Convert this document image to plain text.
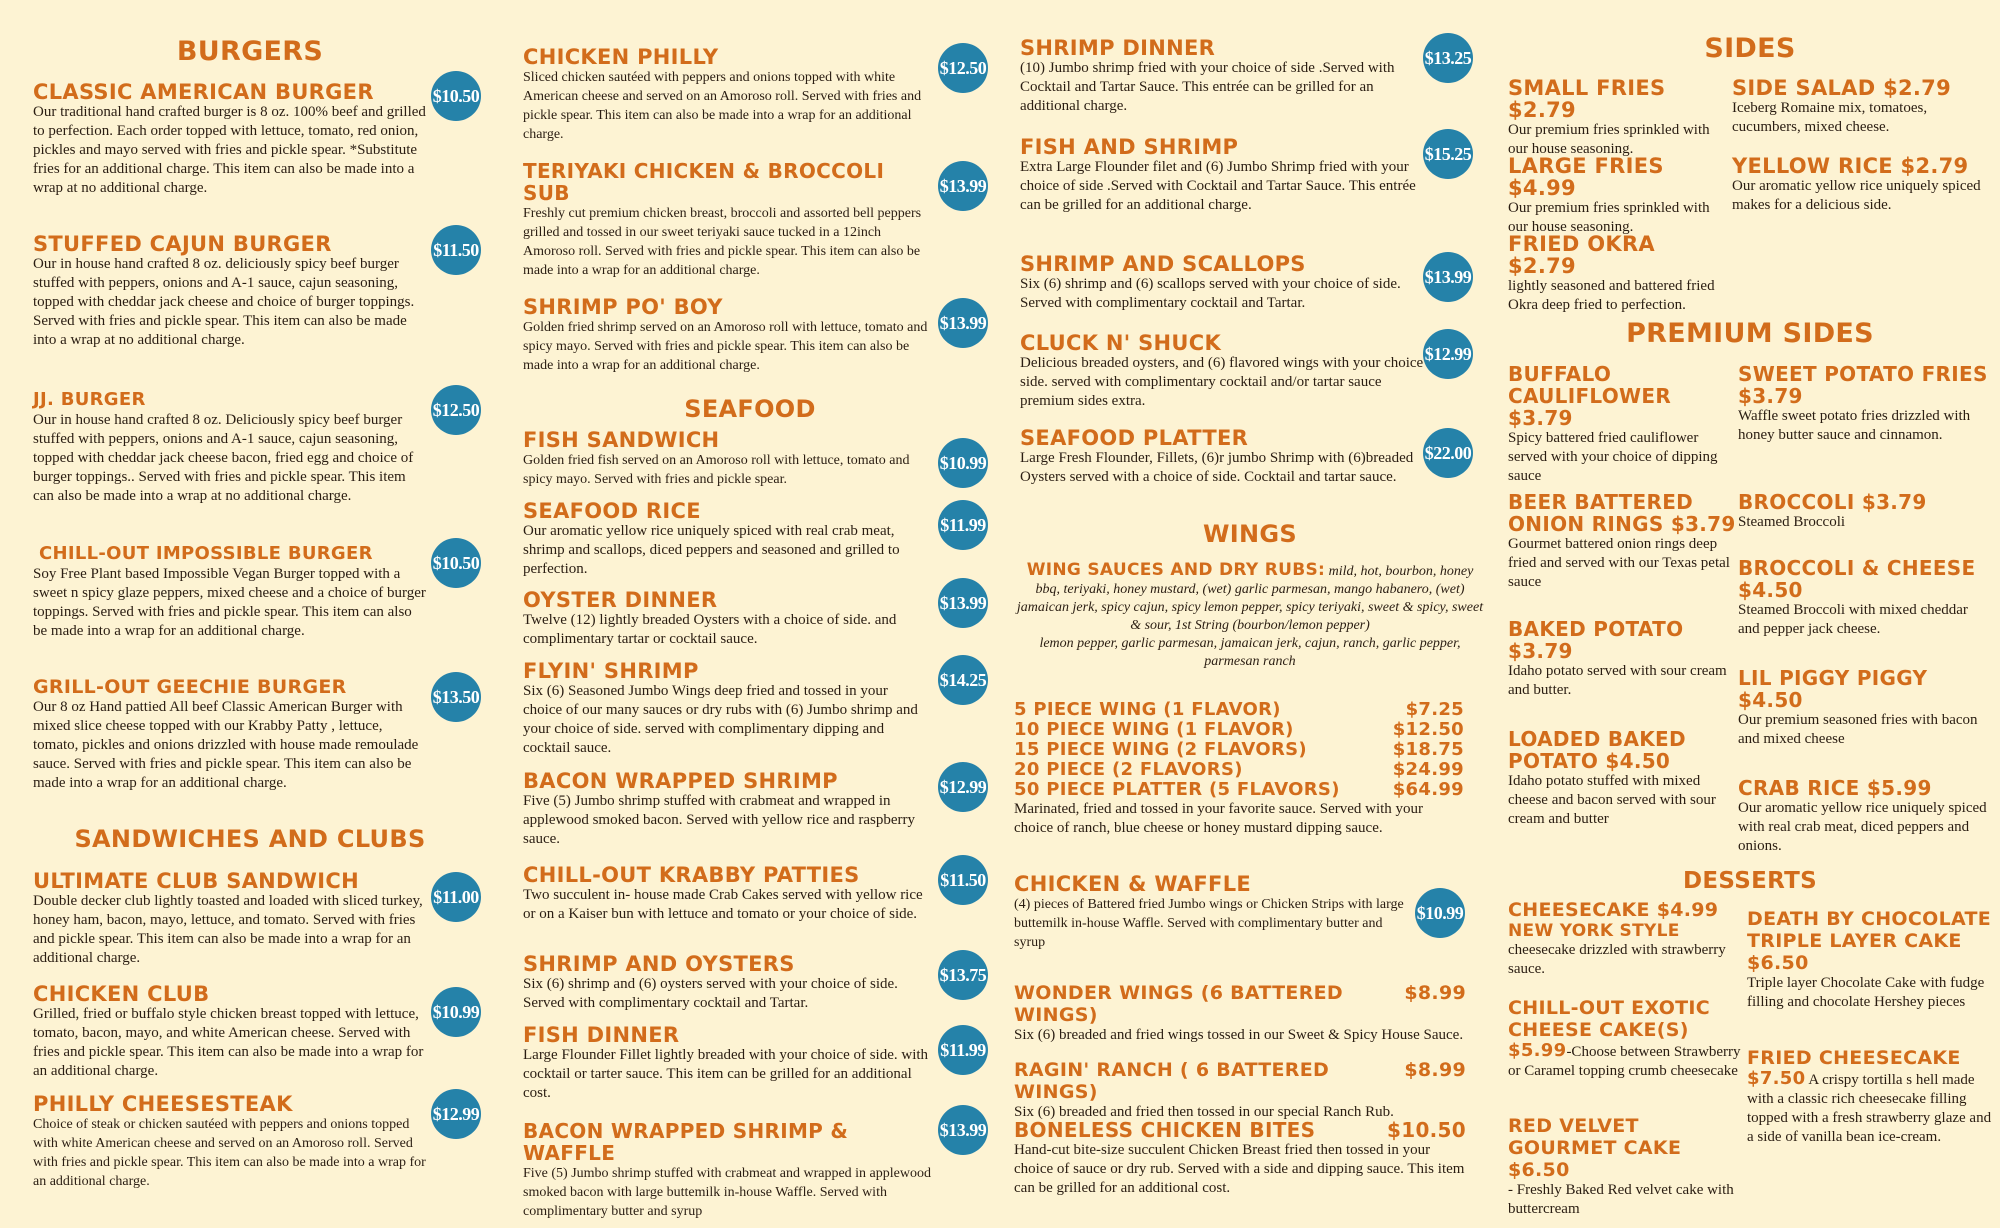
BURGERS
CLASSIC AMERICAN BURGER

Our traditional hand crafted burger is 8 oz. 100% beef and grilled to perfection. Each order topped with lettuce, tomato, red onion, pickles and mayo served with fries and pickle spear. *Substitute fries for an additional charge. This item can also be made into a wrap at no additional charge.

$10.50
STUFFED CAJUN BURGER

Our in house hand crafted 8 oz. deliciously spicy beef burger stuffed with peppers, onions and A-1 sauce, cajun seasoning, topped with cheddar jack cheese and choice of burger toppings. Served with fries and pickle spear. This item can also be made into a wrap at no additional charge.

$11.50
JJ. BURGER

Our in house hand crafted 8 oz. Deliciously spicy beef burger stuffed with peppers, onions and A-1 sauce, cajun seasoning, topped with cheddar jack cheese bacon, fried egg and choice of burger toppings.. Served with fries and pickle spear. This item can also be made into a wrap at no additional charge.

$12.50
CHILL-OUT IMPOSSIBLE BURGER

Soy Free Plant based Impossible Vegan Burger topped with a sweet n spicy glaze peppers, mixed cheese and a choice of burger toppings. Served with fries and pickle spear. This item can also be made into a wrap for an additional charge.

$10.50
GRILL-OUT GEECHIE BURGER

Our 8 oz Hand pattied All beef Classic American Burger with mixed slice cheese topped with our Krabby Patty , lettuce, tomato, pickles and onions drizzled with house made remoulade sauce. Served with fries and pickle spear. This item can also be made into a wrap for an additional charge.

$13.50
SANDWICHES AND CLUBS
ULTIMATE CLUB SANDWICH

Double decker club lightly toasted and loaded with sliced turkey, honey ham, bacon, mayo, lettuce, and tomato. Served with fries and pickle spear. This item can also be made into a wrap for an additional charge.

$11.00
CHICKEN CLUB

Grilled, fried or buffalo style chicken breast topped with lettuce, tomato, bacon, mayo, and white American cheese. Served with fries and pickle spear. This item can also be made into a wrap for an additional charge.

$10.99
PHILLY CHEESESTEAK

Choice of steak or chicken sautéed with peppers and onions topped with white American cheese and served on an Amoroso roll. Served with fries and pickle spear. This item can also be made into a wrap for an additional charge.

$12.99
CHICKEN PHILLY

Sliced chicken sautéed with peppers and onions topped with white American cheese and served on an Amoroso roll. Served with fries and pickle spear. This item can also be made into a wrap for an additional charge.

$12.50
TERIYAKI CHICKEN & BROCCOLI SUB

Freshly cut premium chicken breast, broccoli and assorted bell peppers grilled and tossed in our sweet teriyaki sauce tucked in a 12inch Amoroso roll. Served with fries and pickle spear. This item can also be made into a wrap for an additional charge.

$13.99
SHRIMP PO' BOY

Golden fried shrimp served on an Amoroso roll with lettuce, tomato and spicy mayo. Served with fries and pickle spear. This item can also be made into a wrap for an additional charge.

$13.99
SEAFOOD
FISH SANDWICH

Golden fried fish served on an Amoroso roll with lettuce, tomato and spicy mayo. Served with fries and pickle spear.

$10.99
SEAFOOD RICE

Our aromatic yellow rice uniquely spiced with real crab meat, shrimp and scallops, diced peppers and seasoned and grilled to perfection.

$11.99
OYSTER DINNER

Twelve (12) lightly breaded Oysters with a choice of side. and complimentary tartar or cocktail sauce.

$13.99
FLYIN' SHRIMP

Six (6) Seasoned Jumbo Wings deep fried and tossed in your choice of our many sauces or dry rubs with (6) Jumbo shrimp and your choice of side. served with complimentary dipping and cocktail sauce.

$14.25
BACON WRAPPED SHRIMP

Five (5) Jumbo shrimp stuffed with crabmeat and wrapped in applewood smoked bacon. Served with yellow rice and raspberry sauce.

$12.99
CHILL-OUT KRABBY PATTIES

Two succulent in- house made Crab Cakes served with yellow rice or on a Kaiser bun with lettuce and tomato or your choice of side.

$11.50
SHRIMP AND OYSTERS

Six (6) shrimp and (6) oysters served with your choice of side. Served with complimentary cocktail and Tartar.

$13.75
FISH DINNER

Large Flounder Fillet lightly breaded with your choice of side. with cocktail or tarter sauce. This item can be grilled for an additional cost.

$11.99
BACON WRAPPED SHRIMP & WAFFLE

Five (5) Jumbo shrimp stuffed with crabmeat and wrapped in applewood smoked bacon with large buttemilk in-house Waffle. Served with complimentary butter and syrup

$13.99
SHRIMP DINNER

(10) Jumbo shrimp fried with your choice of side .Served with Cocktail and Tartar Sauce. This entrée can be grilled for an additional charge.

$13.25
FISH AND SHRIMP

Extra Large Flounder filet and (6) Jumbo Shrimp fried with your choice of side .Served with Cocktail and Tartar Sauce. This entrée can be grilled for an additional charge.

$15.25
SHRIMP AND SCALLOPS

Six (6) shrimp and (6) scallops served with your choice of side. Served with complimentary cocktail and Tartar.

$13.99
CLUCK N' SHUCK

Delicious breaded oysters, and (6) flavored wings with your choice side. served with complimentary cocktail and/or tartar sauce premium sides extra.

$12.99
SEAFOOD PLATTER

Large Fresh Flounder, Fillets, (6)r jumbo Shrimp with (6)breaded Oysters served with a choice of side. Cocktail and tartar sauce.

$22.00
WINGS
WING SAUCES AND DRY RUBS: mild, hot, bourbon, honey bbq, teriyaki, honey mustard, (wet) garlic parmesan, mango habanero, (wet) jamaican jerk, spicy cajun, spicy lemon pepper, spicy teriyaki, sweet & spicy, sweet & sour, 1st String (bourbon/lemon pepper)
lemon pepper, garlic parmesan, jamaican jerk, cajun, ranch, garlic pepper, parmesan ranch
5 PIECE WING (1 FLAVOR)	$7.25
10 PIECE WING (1 FLAVOR)	$12.50
15 PIECE WING (2 FLAVORS)	$18.75
20 PIECE (2 FLAVORS)	$24.99
50 PIECE PLATTER (5 FLAVORS)	$64.99

Marinated, fried and tossed in your favorite sauce. Served with your choice of ranch, blue cheese or honey mustard dipping sauce.

CHICKEN & WAFFLE

(4) pieces of Battered fried Jumbo wings or Chicken Strips with large buttemilk in-house Waffle. Served with complimentary butter and syrup

$10.99
WONDER WINGS (6 BATTERED WINGS)
$8.99

Six (6) breaded and fried wings tossed in our Sweet & Spicy House Sauce.

RAGIN' RANCH ( 6 BATTERED WINGS)
$8.99

Six (6) breaded and fried then tossed in our special Ranch Rub.

BONELESS CHICKEN BITES	$10.50

Hand-cut bite-size succulent Chicken Breast fried then tossed in your choice of sauce or dry rub. Served with a side and dipping sauce. This item can be grilled for an additional cost.

SIDES
SMALL FRIES $2.79

Our premium fries sprinkled with our house seasoning.

LARGE FRIES $4.99

Our premium fries sprinkled with our house seasoning.

FRIED OKRA $2.79

lightly seasoned and battered fried Okra deep fried to perfection.

SIDE SALAD $2.79

Iceberg Romaine mix, tomatoes, cucumbers, mixed cheese.

YELLOW RICE $2.79

Our aromatic yellow rice uniquely spiced makes for a delicious side.

PREMIUM SIDES
BUFFALO CAULIFLOWER $3.79

Spicy battered fried cauliflower served with your choice of dipping sauce

BEER BATTERED ONION RINGS $3.79

Gourmet battered onion rings deep fried and served with our Texas petal sauce

BAKED POTATO $3.79

Idaho potato served with sour cream and butter.

LOADED BAKED POTATO $4.50

Idaho potato stuffed with mixed cheese and bacon served with sour cream and butter

SWEET POTATO FRIES $3.79

Waffle sweet potato fries drizzled with honey butter sauce and cinnamon.

BROCCOLI $3.79

Steamed Broccoli

BROCCOLI & CHEESE $4.50

Steamed Broccoli with mixed cheddar and pepper jack cheese.

LIL PIGGY PIGGY $4.50

Our premium seasoned fries with bacon and mixed cheese

CRAB RICE $5.99

Our aromatic yellow rice uniquely spiced with real crab meat, diced peppers and onions.

DESSERTS
CHEESECAKE $4.99
NEW YORK STYLE

cheesecake drizzled with strawberry sauce.

CHILL-OUT EXOTIC CHEESE CAKE(S)

$5.99-Choose between Strawberry or Caramel topping crumb cheesecake

RED VELVET GOURMET CAKE $6.50

- Freshly Baked Red velvet cake with buttercream

DEATH BY CHOCOLATE TRIPLE LAYER CAKE $6.50

Triple layer Chocolate Cake with fudge filling and chocolate Hershey pieces

FRIED CHEESECAKE

$7.50 A crispy tortilla s hell made with a classic rich cheesecake filling topped with a fresh strawberry glaze and a side of vanilla bean ice-cream.
